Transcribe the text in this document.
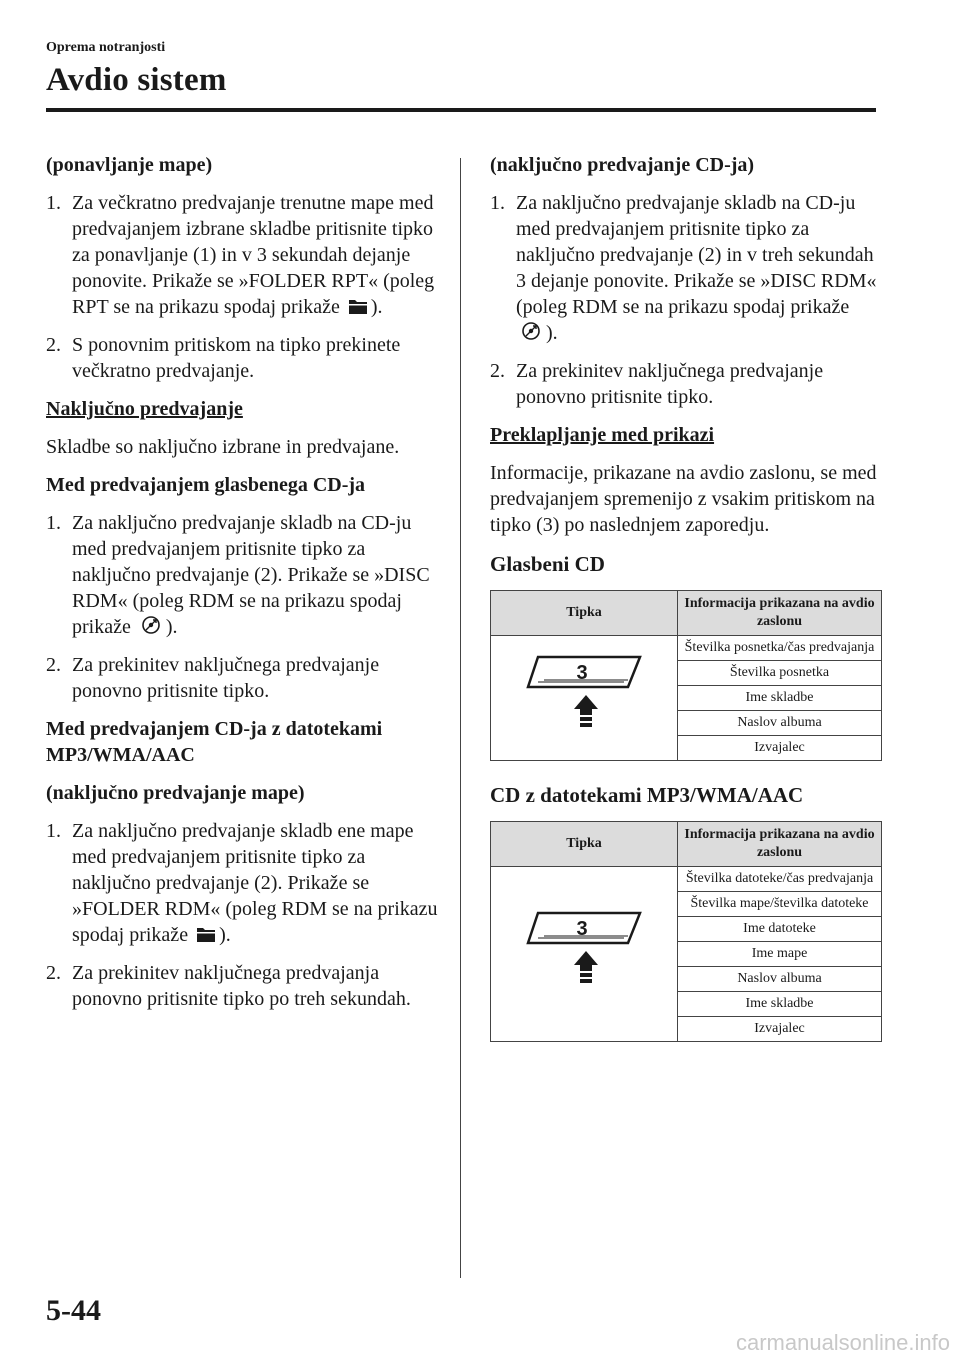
Oprema notranjosti
Avdio sistem
(ponavljanje mape)
1. Za večkratno predvajanje trenutne mape med predvajanjem izbrane skladbe pritisnite tipko za ponavljanje (1) in v 3 sekundah dejanje ponovite. Prikaže se »FOLDER RPT« (poleg RPT se na prikazu spodaj prikaže ).
2. S ponovnim pritiskom na tipko prekinete večkratno predvajanje.
Naključno predvajanje

Skladbe so naključno izbrane in predvajane.

Med predvajanjem glasbenega CD-ja
1. Za naključno predvajanje skladb na CD-ju med predvajanjem pritisnite tipko za naključno predvajanje (2). Prikaže se »DISC RDM« (poleg RDM se na prikazu spodaj prikaže ).
2. Za prekinitev naključnega predvajanje ponovno pritisnite tipko.
Med predvajanjem CD-ja z datotekami MP3/WMA/AAC
(naključno predvajanje mape)
1. Za naključno predvajanje skladb ene mape med predvajanjem pritisnite tipko za naključno predvajanje (2). Prikaže se »FOLDER RDM« (poleg RDM se na prikazu spodaj prikaže ).
2. Za prekinitev naključnega predvajanja ponovno pritisnite tipko po treh sekundah.
(naključno predvajanje CD-ja)
1. Za naključno predvajanje skladb na CD-ju med predvajanjem pritisnite tipko za naključno predvajanje (2) in v treh sekundah 3 dejanje ponovite. Prikaže se »DISC RDM« (poleg RDM se na prikazu spodaj prikaže ).
2. Za prekinitev naključnega predvajanje ponovno pritisnite tipko.
Preklapljanje med prikazi

Informacije, prikazane na avdio zaslonu, se med predvajanjem spremenijo z vsakim pritiskom na tipko (3) po naslednjem zaporedju.

Glasbeni CD
Tipka	Informacija prikazana na avdio zaslonu

3	Številka posnetka/čas predvajanja
	Številka posnetka
	Ime skladbe
	Naslov albuma
	Izvajalec
CD z datotekami MP3/WMA/AAC
Tipka	Informacija prikazana na avdio zaslonu

3	Številka datoteke/čas predvajanja
	Številka mape/številka datoteke
	Ime datoteke
	Ime mape
	Naslov albuma
	Ime skladbe
	Izvajalec
5-44
carmanualsonline.info
